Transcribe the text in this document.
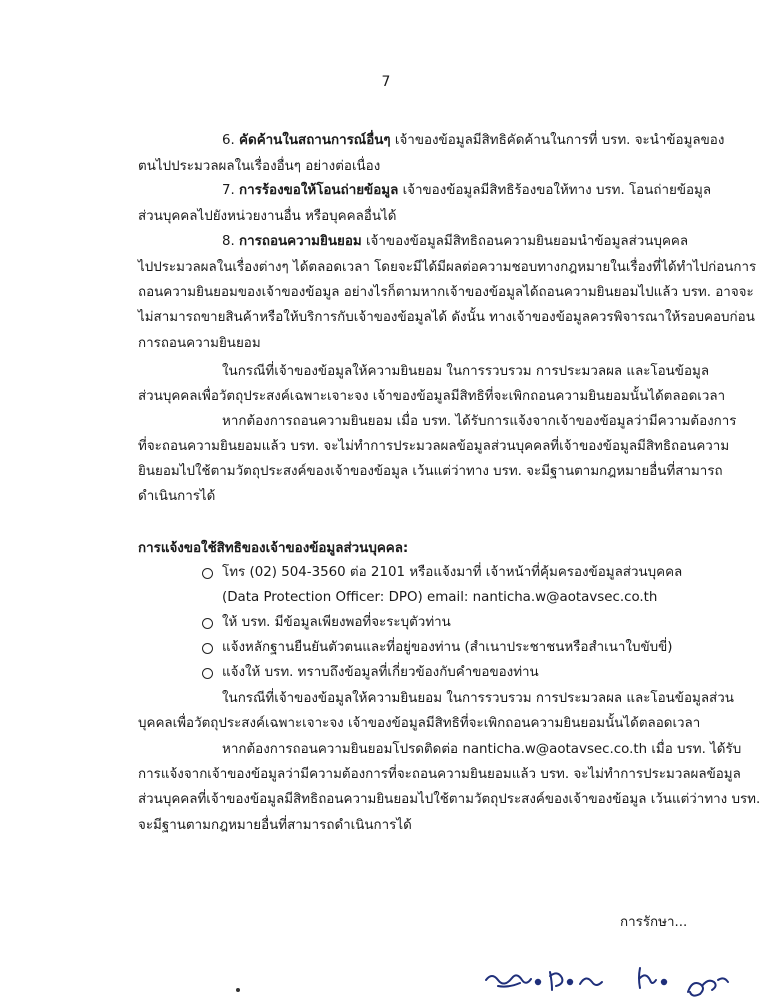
7
6. คัดค้านในสถานการณ์อื่นๆ เจ้าของข้อมูลมีสิทธิคัดค้านในการที่ บรท. จะนำข้อมูลของ
ตนไปประมวลผลในเรื่องอื่นๆ อย่างต่อเนื่อง
7. การร้องขอให้โอนถ่ายข้อมูล เจ้าของข้อมูลมีสิทธิร้องขอให้ทาง บรท. โอนถ่ายข้อมูล
ส่วนบุคคลไปยังหน่วยงานอื่น หรือบุคคลอื่นได้
8. การถอนความยินยอม เจ้าของข้อมูลมีสิทธิถอนความยินยอมนำข้อมูลส่วนบุคคล
ไปประมวลผลในเรื่องต่างๆ ได้ตลอดเวลา โดยจะมีได้มีผลต่อความชอบทางกฎหมายในเรื่องที่ได้ทำไปก่อนการ
ถอนความยินยอมของเจ้าของข้อมูล อย่างไรก็ตามหากเจ้าของข้อมูลได้ถอนความยินยอมไปแล้ว บรท. อาจจะ
ไม่สามารถขายสินค้าหรือให้บริการกับเจ้าของข้อมูลได้ ดังนั้น ทางเจ้าของข้อมูลควรพิจารณาให้รอบคอบก่อน
การถอนความยินยอม
ในกรณีที่เจ้าของข้อมูลให้ความยินยอม ในการรวบรวม การประมวลผล และโอนข้อมูล
ส่วนบุคคลเพื่อวัตถุประสงค์เฉพาะเจาะจง เจ้าของข้อมูลมีสิทธิที่จะเพิกถอนความยินยอมนั้นได้ตลอดเวลา
หากต้องการถอนความยินยอม เมื่อ บรท. ได้รับการแจ้งจากเจ้าของข้อมูลว่ามีความต้องการ
ที่จะถอนความยินยอมแล้ว บรท. จะไม่ทำการประมวลผลข้อมูลส่วนบุคคลที่เจ้าของข้อมูลมีสิทธิถอนความ
ยินยอมไปใช้ตามวัตถุประสงค์ของเจ้าของข้อมูล เว้นแต่ว่าทาง บรท. จะมีฐานตามกฎหมายอื่นที่สามารถ
ดำเนินการได้
การแจ้งขอใช้สิทธิของเจ้าของข้อมูลส่วนบุคคล:
โทร (02) 504-3560 ต่อ 2101 หรือแจ้งมาที่ เจ้าหน้าที่คุ้มครองข้อมูลส่วนบุคคล
(Data Protection Officer: DPO) email: nanticha.w@aotavsec.co.th
ให้ บรท. มีข้อมูลเพียงพอที่จะระบุตัวท่าน
แจ้งหลักฐานยืนยันตัวตนและที่อยู่ของท่าน (สำเนาประชาชนหรือสำเนาใบขับขี่)
แจ้งให้ บรท. ทราบถึงข้อมูลที่เกี่ยวข้องกับคำขอของท่าน
ในกรณีที่เจ้าของข้อมูลให้ความยินยอม ในการรวบรวม การประมวลผล และโอนข้อมูลส่วน
บุคคลเพื่อวัตถุประสงค์เฉพาะเจาะจง เจ้าของข้อมูลมีสิทธิที่จะเพิกถอนความยินยอมนั้นได้ตลอดเวลา
หากต้องการถอนความยินยอมโปรดติดต่อ nanticha.w@aotavsec.co.th เมื่อ บรท. ได้รับ
การแจ้งจากเจ้าของข้อมูลว่ามีความต้องการที่จะถอนความยินยอมแล้ว บรท. จะไม่ทำการประมวลผลข้อมูล
ส่วนบุคคลที่เจ้าของข้อมูลมีสิทธิถอนความยินยอมไปใช้ตามวัตถุประสงค์ของเจ้าของข้อมูล เว้นแต่ว่าทาง บรท.
จะมีฐานตามกฎหมายอื่นที่สามารถดำเนินการได้
การรักษา...
